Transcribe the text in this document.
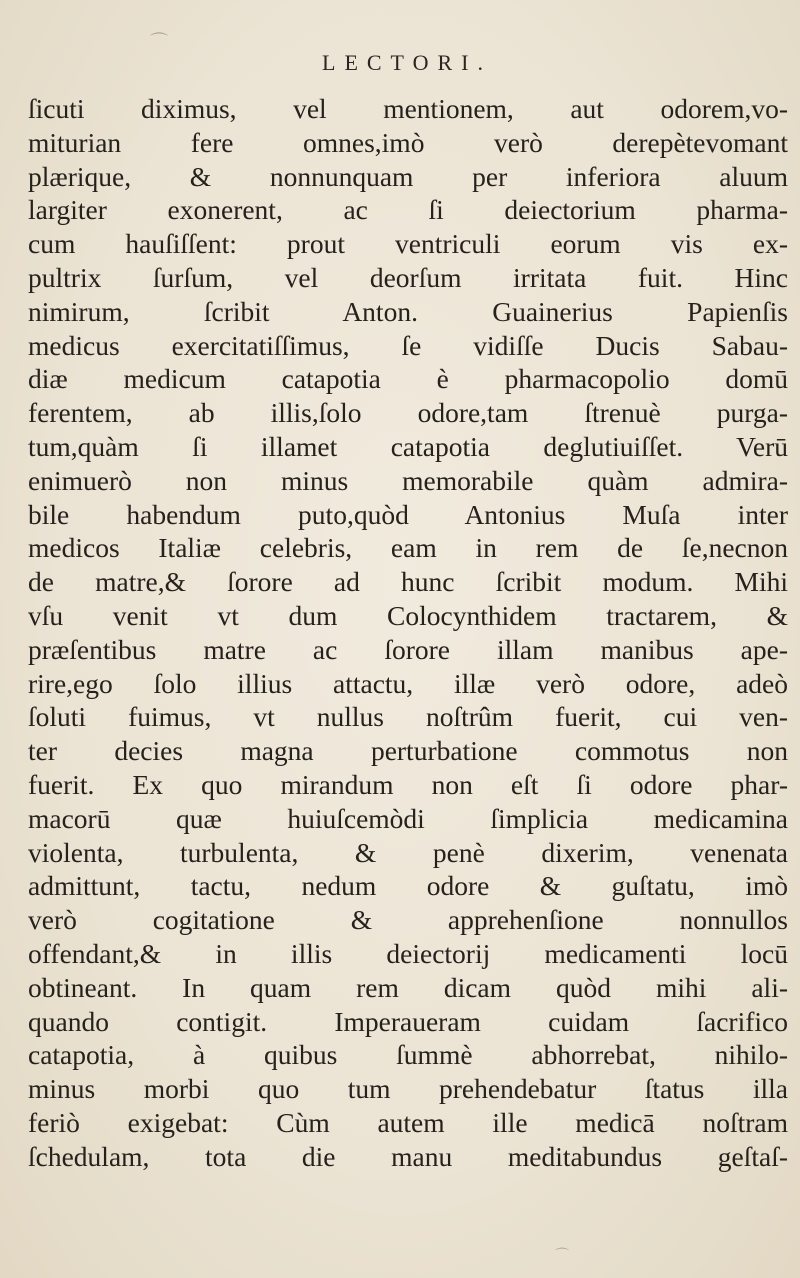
⌒
LECTORI.
ſicuti diximus, vel mentionem, aut odorem,vo-
miturian fere omnes,imò verò derepètevomant
plærique, & nonnunquam per inferiora aluum
largiter exonerent, ac ſi deiectorium pharma-
cum hauſiſſent: prout ventriculi eorum vis ex-
pultrix ſurſum, vel deorſum irritata fuit. Hinc
nimirum, ſcribit Anton. Guainerius Papienſis
medicus exercitatiſſimus, ſe vidiſſe Ducis Sabau-
diæ medicum catapotia è pharmacopolio domū
ferentem, ab illis,ſolo odore,tam ſtrenuè purga-
tum,quàm ſi illamet catapotia deglutiuiſſet. Verū
enimuerò non minus memorabile quàm admira-
bile habendum puto,quòd Antonius Muſa inter
medicos Italiæ celebris, eam in rem de ſe,necnon
de matre,& ſorore ad hunc ſcribit modum. Mihi
vſu venit vt dum Colocynthidem tractarem, &
præſentibus matre ac ſorore illam manibus ape-
rire,ego ſolo illius attactu, illæ verò odore, adeò
ſoluti fuimus, vt nullus noſtrûm fuerit, cui ven-
ter decies magna perturbatione commotus non
fuerit. Ex quo mirandum non eſt ſi odore phar-
macorū quæ huiuſcemòdi ſimplicia medicamina
violenta, turbulenta, & penè dixerim, venenata
admittunt, tactu, nedum odore & guſtatu, imò
verò cogitatione & apprehenſione nonnullos
offendant,& in illis deiectorij medicamenti locū
obtineant. In quam rem dicam quòd mihi ali-
quando contigit. Imperaueram cuidam ſacrifico
catapotia, à quibus ſummè abhorrebat, nihilo-
minus morbi quo tum prehendebatur ſtatus illa
feriò exigebat: Cùm autem ille medicā noſtram
ſchedulam, tota die manu meditabundus geſtaſ-
⌒
